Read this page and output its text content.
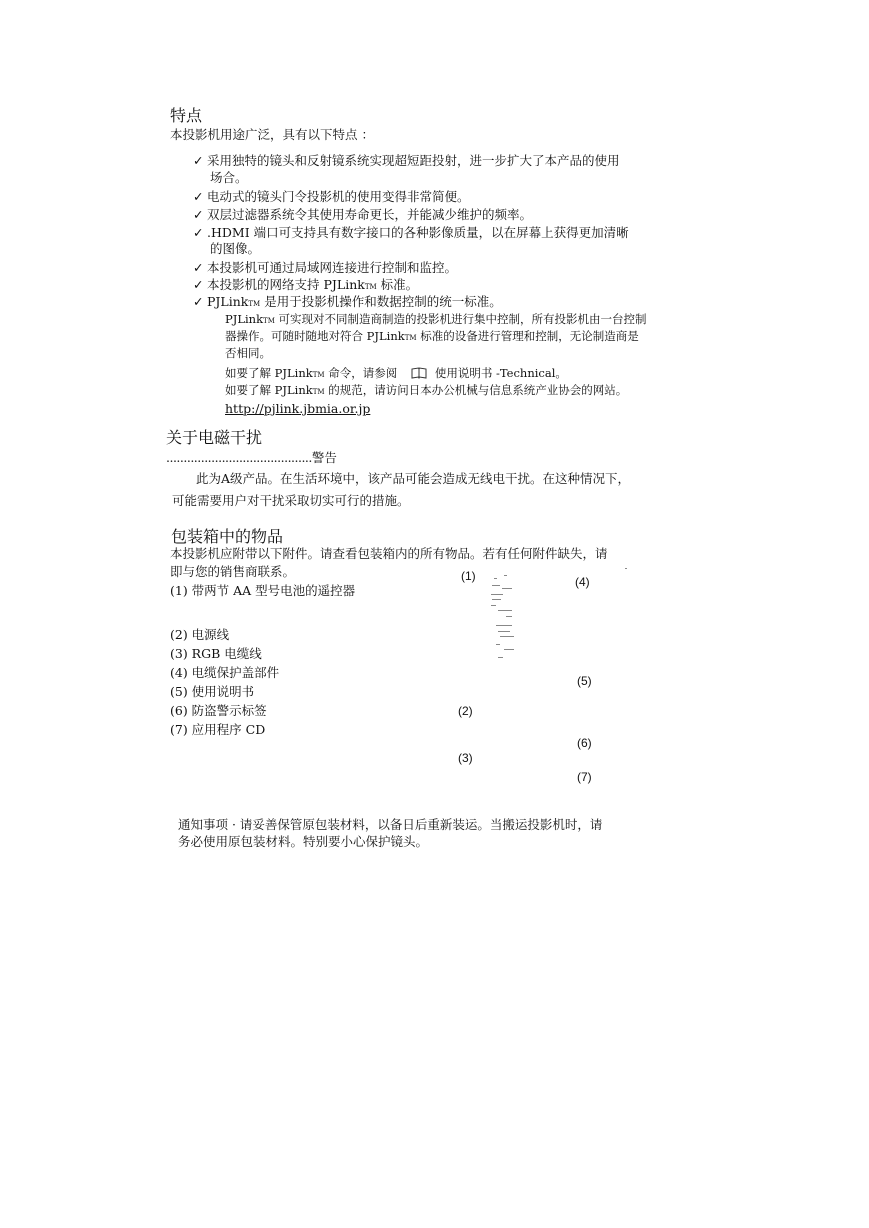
特点
本投影机用途广泛，具有以下特点 ：
✓ 采用独特的镜头和反射镜系统实现超短距投射，进一步扩大了本产品的使用
场合。
✓ 电动式的镜头门令投影机的使用变得非常简便。
✓ 双层过滤器系统令其使用寿命更长，并能减少维护的频率。
✓ .HDMI 端口可支持具有数字接口的各种影像质量，以在屏幕上获得更加清晰
的图像。
✓ 本投影机可通过局域网连接进行控制和监控。
✓ 本投影机的网络支持 PJLinkTM 标准。
✓ PJLinkTM 是用于投影机操作和数据控制的统一标准。
PJLinkTM 可实现对不同制造商制造的投影机进行集中控制，所有投影机由一台控制
器操作。可随时随地对符合 PJLinkTM 标准的设备进行管理和控制，无论制造商是
否相同。
如要了解 PJLinkTM 命令，请参阅	使用说明书 -Technical。
如要了解 PJLinkTM 的规范，请访问日本办公机械与信息系统产业协会的网站。
http://pjlink.jbmia.or.jp
关于电磁干扰
..........................................警告
此为A级产品。在生活环境中，该产品可能会造成无线电干扰。在这种情况下，
可能需要用户对干扰采取切实可行的措施。
包装箱中的物品
本投影机应附带以下附件。请查看包装箱内的所有物品。若有任何附件缺失，请
即与您的销售商联系。
(1) 带两节 AA 型号电池的遥控器
(2) 电源线
(3) RGB 电缆线
(4) 电缆保护盖部件
(5) 使用说明书
(6) 防盗警示标签
(7) 应用程序 CD
(1)
(2)
(3)
(4)
(5)
(6)
(7)
通知事项 · 请妥善保管原包装材料，以备日后重新装运。当搬运投影机时，请
务必使用原包装材料。特别要小心保护镜头。
